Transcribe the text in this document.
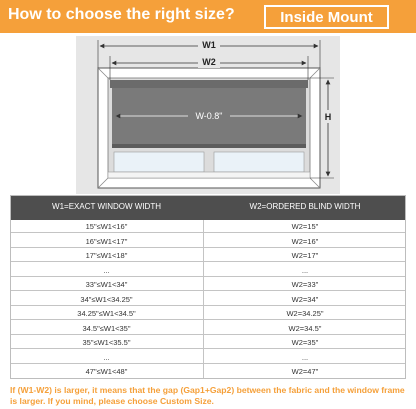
How to choose the right size?	Inside Mount
W1
W2
W-0.8"	H
W1=EXACT WINDOW WIDTH	W2=ORDERED BLIND WIDTH
15"≤W1<16"	W2=15"
16"≤W1<17"	W2=16"
17"≤W1<18"	W2=17"
...	...
33"≤W1<34"	W2=33"
34"≤W1<34.25"	W2=34"
34.25"≤W1<34.5"	W2=34.25"
34.5"≤W1<35"	W2=34.5"
35"≤W1<35.5"	W2=35"
...	...
47"≤W1<48"	W2=47"
If (W1-W2) is larger, it means that the gap (Gap1+Gap2) between the fabric and the window frame is larger. If you mind, please choose Custom Size.
